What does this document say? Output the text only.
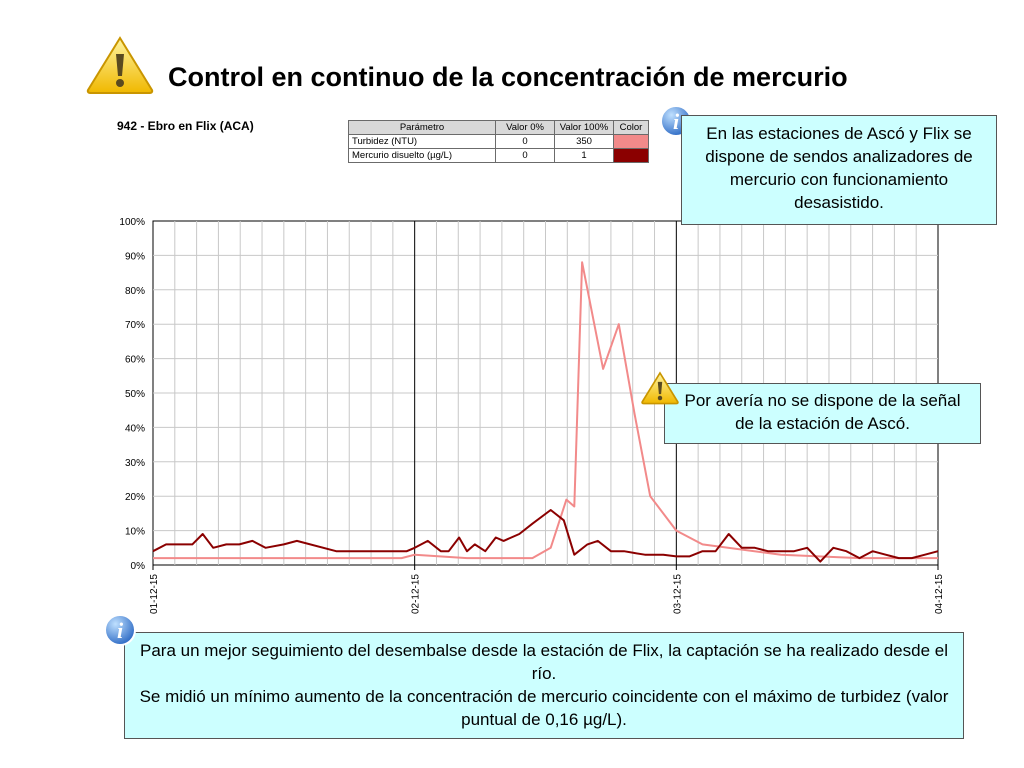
Control en continuo de la concentración de mercurio
942 - Ebro en Flix (ACA)	Parámetro	Valor 0%	Valor 100%	Color
Turbidez (NTU)	0	350	
Mercurio disuelto (µg/L)	0	1	
0%
10%
20%
30%
40%
50%
60%
70%
80%
90%
100%
01-12-15	02-12-15	03-12-15	04-12-15
i	En las estaciones de Ascó y Flix se dispone de sendos analizadores de mercurio con funcionamiento desasistido.
Por avería no se dispone de la señal de la estación de Ascó.
Para un mejor seguimiento del desembalse desde la estación de Flix, la captación se ha realizado desde el río.
Se midió un mínimo aumento de la concentración de mercurio coincidente con el máximo de turbidez (valor puntual de 0,16 µg/L).
i
